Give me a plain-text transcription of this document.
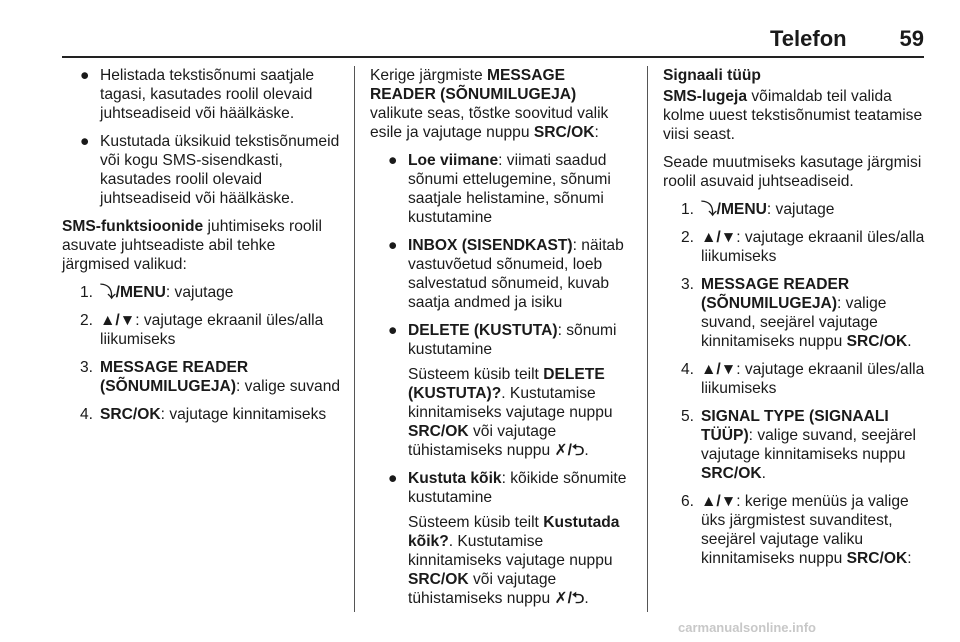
Telefon 59
● Helistada tekstisõnumi saatjale tagasi, kasutades roolil olevaid juhtseadiseid või häälkäske.
● Kustutada üksikuid tekstisõnumeid või kogu SMS-sisendkasti, kasutades roolil olevaid juhtseadiseid või häälkäske.

SMS-funktsioonide juhtimiseks roolil asuvate juhtseadiste abil tehke järgmised valikud:

1. ⤵/MENU: vajutage
2. ▲/▼: vajutage ekraanil üles/alla liikumiseks
3. MESSAGE READER (SÕNUMILUGEJA): valige suvand
4. SRC/OK: vajutage kinnitamiseks

Kerige järgmiste MESSAGE READER (SÕNUMILUGEJA) valikute seas, tõstke soovitud valik esile ja vajutage nuppu SRC/OK:

● Loe viimane: viimati saadud sõnumi ettelugemine, sõnumi saatjale helistamine, sõnumi kustutamine
● INBOX (SISENDKAST): näitab vastuvõetud sõnumeid, loeb salvestatud sõnumeid, kuvab saatja andmed ja isiku
● DELETE (KUSTUTA): sõnumi kustutamine

Süsteem küsib teilt DELETE (KUSTUTA)?. Kustutamise kinnitamiseks vajutage nuppu SRC/OK või vajutage tühistamiseks nuppu ✗/⮌.

● Kustuta kõik: kõikide sõnumite kustutamine

Süsteem küsib teilt Kustutada kõik?. Kustutamise kinnitamiseks vajutage nuppu SRC/OK või vajutage tühistamiseks nuppu ✗/⮌.

Signaali tüüp

SMS-lugeja võimaldab teil valida kolme uuest tekstisõnumist teatamise viisi seast.

Seade muutmiseks kasutage järgmisi roolil asuvaid juhtseadiseid.

1. ⤵/MENU: vajutage
2. ▲/▼: vajutage ekraanil üles/alla liikumiseks
3. MESSAGE READER (SÕNUMILUGEJA): valige suvand, seejärel vajutage kinnitamiseks nuppu SRC/OK.
4. ▲/▼: vajutage ekraanil üles/alla liikumiseks
5. SIGNAL TYPE (SIGNAALI TÜÜP): valige suvand, seejärel vajutage kinnitamiseks nuppu SRC/OK.
6. ▲/▼: kerige menüüs ja valige üks järgmistest suvanditest, seejärel vajutage valiku kinnitamiseks nuppu SRC/OK:
carmanualsonline.info
